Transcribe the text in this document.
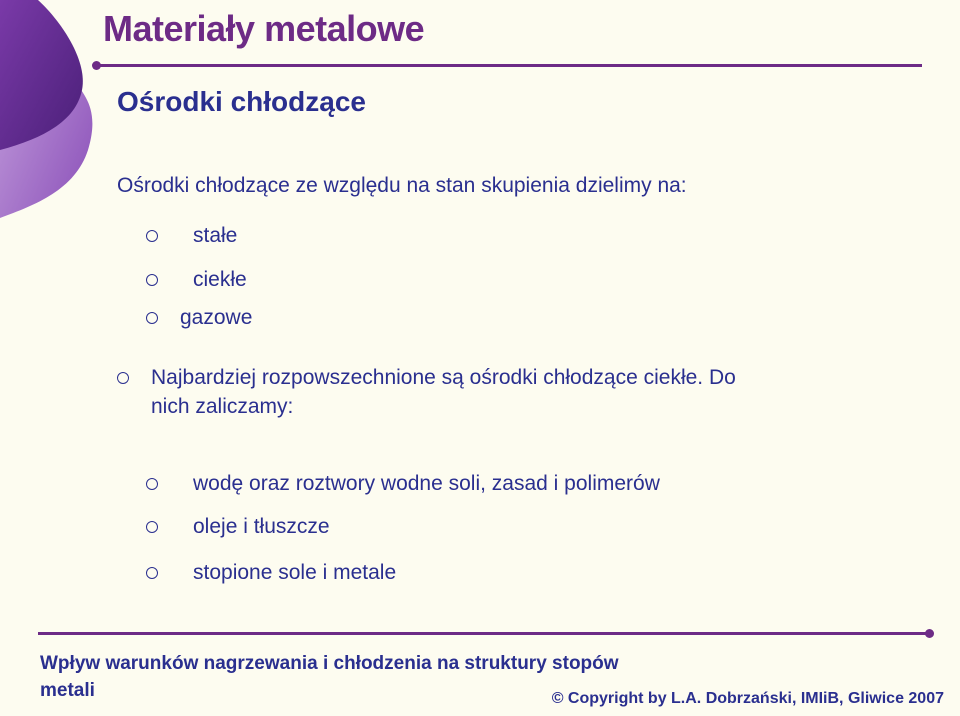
Materiały metalowe
Ośrodki chłodzące
Ośrodki chłodzące ze względu na stan skupienia dzielimy na:
stałe
ciekłe
gazowe
Najbardziej rozpowszechnione są ośrodki chłodzące ciekłe. Do
nich zaliczamy:
wodę oraz roztwory wodne soli, zasad i polimerów
oleje i tłuszcze
stopione sole i metale
Wpływ warunków nagrzewania i chłodzenia na struktury stopów metali	© Copyright by L.A. Dobrzański, IMIiB, Gliwice 2007
